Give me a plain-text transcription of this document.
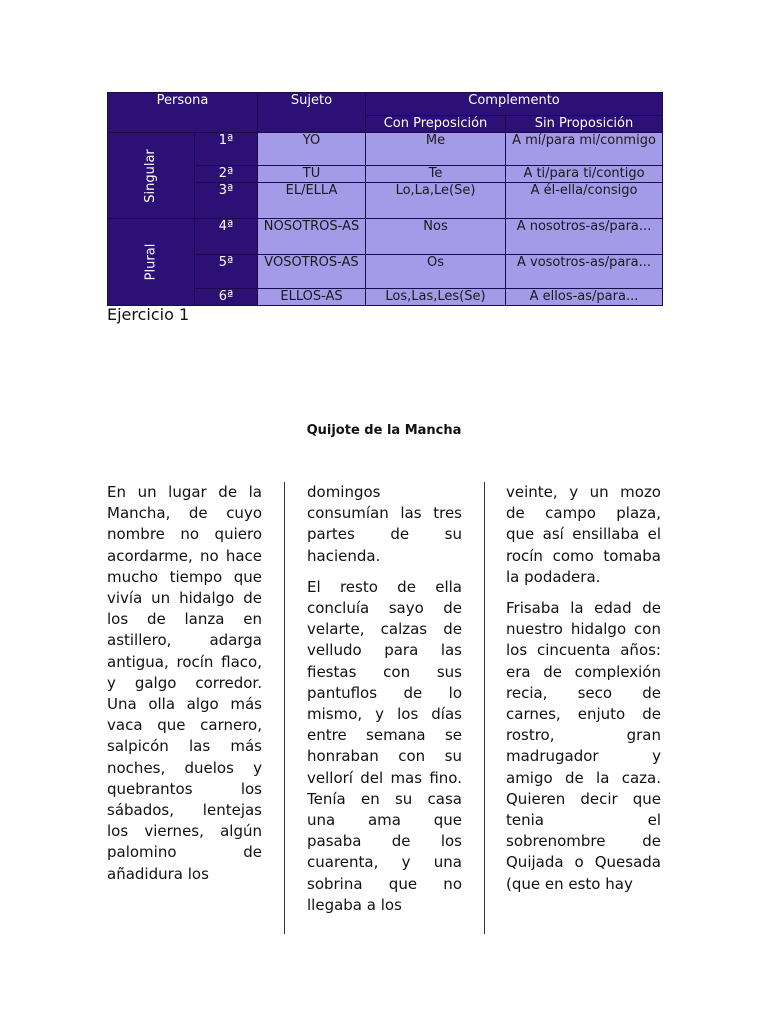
Persona		Sujeto	Complemento	
			Con Preposición	Sin Proposición
Singular	1ª	YO	Me	A mí/para mi/conmigo
	2ª	TÚ	Te	A ti/para ti/contigo
	3ª	EL/ELLA	Lo,La,Le(Se)	A él-ella/consigo

Plural	4ª	NOSOTROS-AS	Nos	A nosotros-as/para...
	5ª	VOSOTROS-AS	Os	A vosotros-as/para...
	6ª	ELLOS-AS	Los,Las,Les(Se)	A ellos-as/para...
Ejercicio 1
Quijote de la Mancha

En un lugar de la Mancha, de cuyo nombre no quiero acordarme, no hace mucho tiempo que vivía un hidalgo de los de lanza en astillero, adarga antigua, rocín flaco, y galgo corredor. Una olla algo más vaca que carnero, salpicón las más noches, duelos y quebrantos los sábados, lentejas los viernes, algún palomino de añadidura los

domingos consumían las tres partes de su hacienda.

El resto de ella concluía sayo de velarte, calzas de velludo para las fiestas con sus pantuflos de lo mismo, y los días entre semana se honraban con su vellorí del mas fino. Tenía en su casa una ama que pasaba de los cuarenta, y una sobrina que no llegaba a los

veinte, y un mozo de campo plaza, que así ensillaba el rocín como tomaba la podadera.

Frisaba la edad de nuestro hidalgo con los cincuenta años: era de complexión recia, seco de carnes, enjuto de rostro, gran madrugador y amigo de la caza. Quieren decir que tenia el sobrenombre de Quijada o Quesada (que en esto hay
